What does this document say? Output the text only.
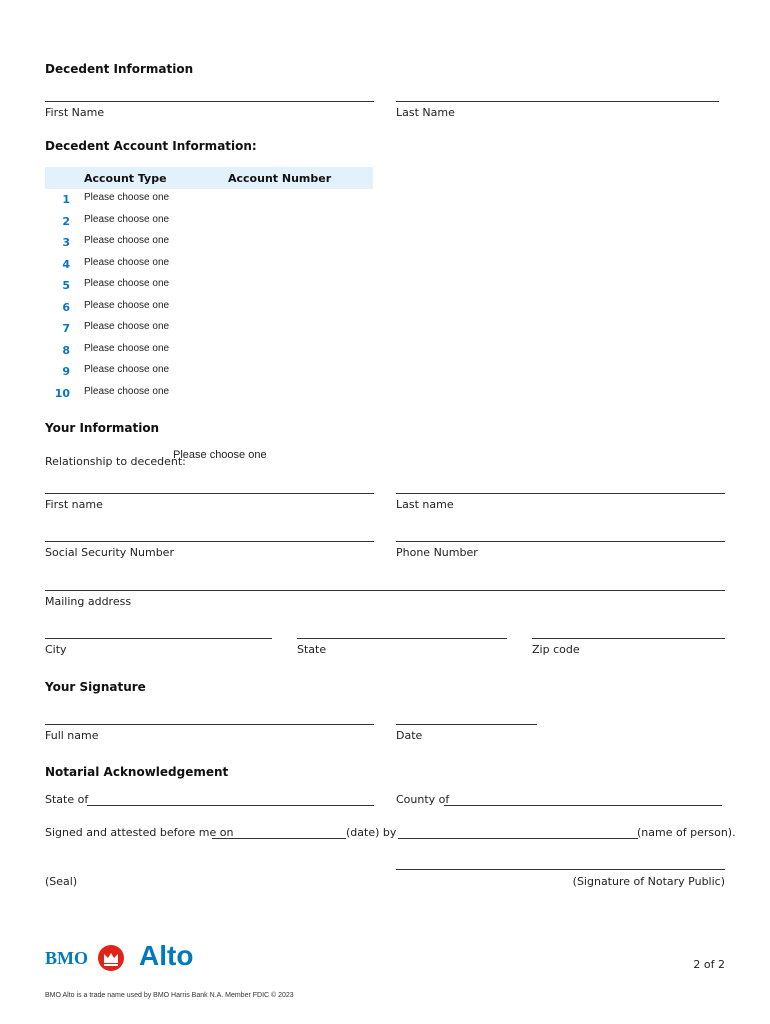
Decedent Information
First Name	Last Name
Decedent Account Information:
Account Type	Account Number
1 Please choose one
2 Please choose one
3 Please choose one
4 Please choose one
5 Please choose one
6 Please choose one
7 Please choose one
8 Please choose one
9 Please choose one
10 Please choose one
Your Information
Relationship to decedent:
Please choose one
First name	Last name
Social Security Number	Phone Number
Mailing address
City	State	Zip code
Your Signature
Full name	Date
Notarial Acknowledgement
State of	County of
Signed and attested before me on	(date) by	(name of person).
(Seal)	(Signature of Notary Public)
BMO Alto	2 of 2
BMO Alto is a trade name used by BMO Harris Bank N.A. Member FDIC © 2023
